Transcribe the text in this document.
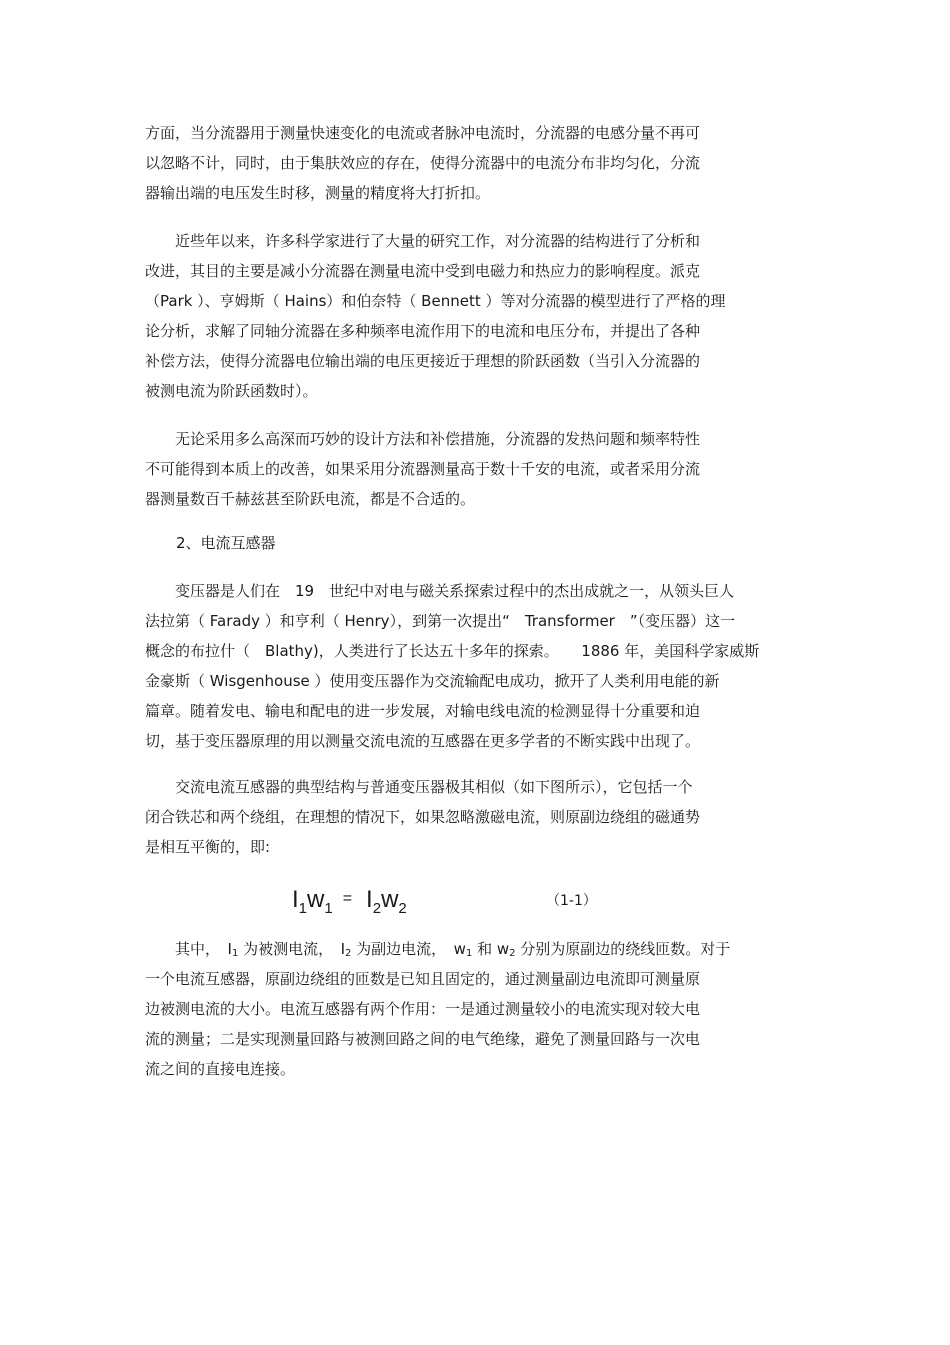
方面，当分流器用于测量快速变化的电流或者脉冲电流时，分流器的电感分量不再可
以忽略不计，同时，由于集肤效应的存在，使得分流器中的电流分布非均匀化，分流
器输出端的电压发生时移，测量的精度将大打折扣。
　　近些年以来，许多科学家进行了大量的研究工作，对分流器的结构进行了分析和
改进，其目的主要是减小分流器在测量电流中受到电磁力和热应力的影响程度。派克
（Park ）、亨姆斯（ Hains）和伯奈特（ Bennett ）等对分流器的模型进行了严格的理
论分析，求解了同轴分流器在多种频率电流作用下的电流和电压分布，并提出了各种
补偿方法，使得分流器电位输出端的电压更接近于理想的阶跃函数（当引入分流器的
被测电流为阶跃函数时）。
　　无论采用多么高深而巧妙的设计方法和补偿措施，分流器的发热问题和频率特性
不可能得到本质上的改善，如果采用分流器测量高于数十千安的电流，或者采用分流
器测量数百千赫兹甚至阶跃电流，都是不合适的。
2、电流互感器
　　变压器是人们在　19　世纪中对电与磁关系探索过程中的杰出成就之一，从领头巨人
法拉第（ Farady ）和亨利（ Henry），到第一次提出“　Transformer　”（变压器）这一
概念的布拉什（　Blathy)，人类进行了长达五十多年的探索。　　1886 年，美国科学家威斯
金豪斯（ Wisgenhouse ）使用变压器作为交流输配电成功，掀开了人类利用电能的新
篇章。随着发电、输电和配电的进一步发展，对输电线电流的检测显得十分重要和迫
切，基于变压器原理的用以测量交流电流的互感器在更多学者的不断实践中出现了。
　　交流电流互感器的典型结构与普通变压器极其相似（如下图所示），它包括一个
闭合铁芯和两个绕组，在理想的情况下，如果忽略激磁电流，则原副边绕组的磁通势
是相互平衡的，即:
$I_1w_1= I_2w_2$	（1-1）
　　其中，　$I_1$ 为被测电流，　$I_2$ 为副边电流，　$w_1$ 和 $w_2$ 分别为原副边的绕线匝数。对于
一个电流互感器，原副边绕组的匝数是已知且固定的，通过测量副边电流即可测量原
边被测电流的大小。电流互感器有两个作用：一是通过测量较小的电流实现对较大电
流的测量；二是实现测量回路与被测回路之间的电气绝缘，避免了测量回路与一次电
流之间的直接电连接。
